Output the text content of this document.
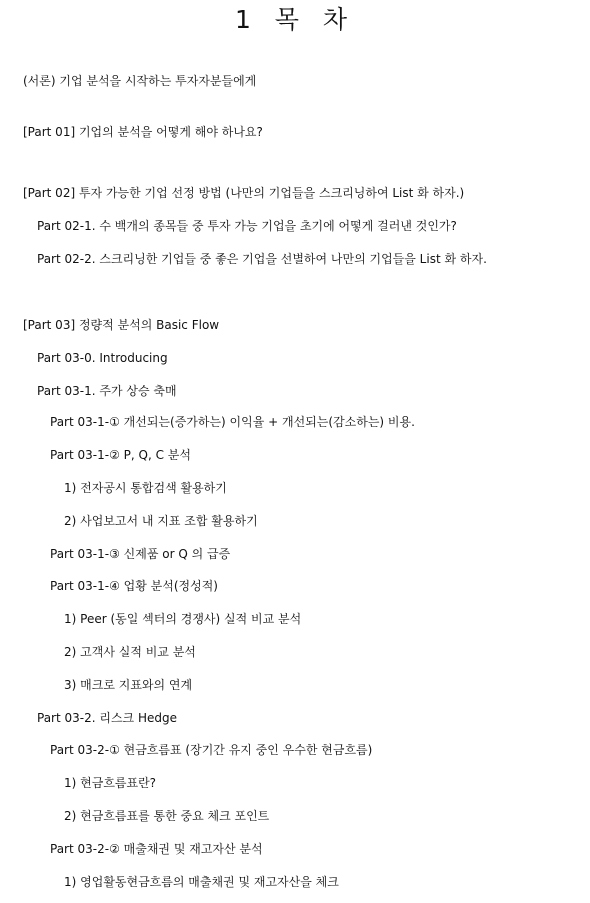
1 목 차
(서론) 기업 분석을 시작하는 투자자분들에게
[Part 01] 기업의 분석을 어떻게 해야 하나요?
[Part 02] 투자 가능한 기업 선정 방법 (나만의 기업들을 스크리닝하여 List 화 하자.)
Part 02-1. 수 백개의 종목들 중 투자 가능 기업을 초기에 어떻게 걸러낸 것인가?
Part 02-2. 스크리닝한 기업들 중 좋은 기업을 선별하여 나만의 기업들을 List 화 하자.
[Part 03] 정량적 분석의 Basic Flow
Part 03-0. Introducing
Part 03-1. 주가 상승 축매
Part 03-1-① 개선되는(증가하는) 이익율 + 개선되는(감소하는) 비용.
Part 03-1-② P, Q, C 분석
1) 전자공시 통합검색 활용하기
2) 사업보고서 내 지표 조합 활용하기
Part 03-1-③ 신제품 or Q 의 급증
Part 03-1-④ 업황 분석(정성적)
1) Peer (동일 섹터의 경쟁사) 실적 비교 분석
2) 고객사 실적 비교 분석
3) 매크로 지표와의 연계
Part 03-2. 리스크 Hedge
Part 03-2-① 현금흐름표 (장기간 유지 중인 우수한 현금흐름)
1) 현금흐름표란?
2) 현금흐름표를 통한 중요 체크 포인트
Part 03-2-② 매출채권 및 재고자산 분석
1) 영업활동현금흐름의 매출채권 및 재고자산을 체크
